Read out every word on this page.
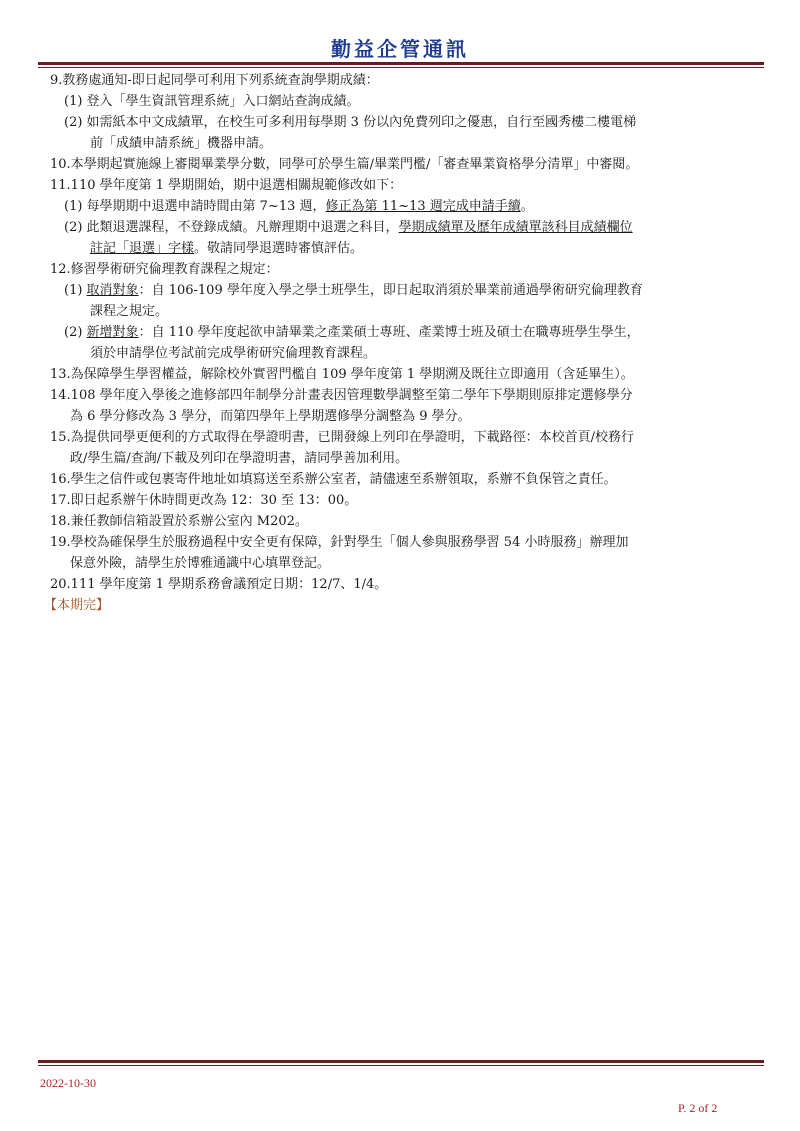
勤益企管通訊
9.教務處通知-即日起同學可利用下列系統查詢學期成績：
(1) 登入「學生資訊管理系統」入口網站查詢成績。
(2) 如需紙本中文成績單，在校生可多利用每學期 3 份以內免費列印之優惠，自行至國秀樓二樓電梯
前「成績申請系統」機器申請。
10.本學期起實施線上審閱畢業學分數，同學可於學生篇/畢業門檻/「審查畢業資格學分清單」中審閱。
11.110 學年度第 1 學期開始，期中退選相關規範修改如下：
(1) 每學期期中退選申請時間由第 7~13 週，修正為第 11~13 週完成申請手續。
(2) 此類退選課程，不登錄成績。凡辦理期中退選之科目，學期成績單及歷年成績單該科目成績欄位
註記「退選」字樣。敬請同學退選時審慎評估。
12.修習學術研究倫理教育課程之規定：
(1) 取消對象：自 106-109 學年度入學之學士班學生，即日起取消須於畢業前通過學術研究倫理教育
課程之規定。
(2) 新增對象：自 110 學年度起欲申請畢業之產業碩士專班、產業博士班及碩士在職專班學生學生，
須於申請學位考試前完成學術研究倫理教育課程。
13.為保障學生學習權益，解除校外實習門檻自 109 學年度第 1 學期溯及既往立即適用（含延畢生）。
14.108 學年度入學後之進修部四年制學分計畫表因管理數學調整至第二學年下學期則原排定選修學分
為 6 學分修改為 3 學分，而第四學年上學期選修學分調整為 9 學分。
15.為提供同學更便利的方式取得在學證明書，已開發線上列印在學證明，下載路徑：本校首頁/校務行
政/學生篇/查詢/下載及列印在學證明書，請同學善加利用。
16.學生之信件或包裹寄件地址如填寫送至系辦公室者，請儘速至系辦領取，系辦不負保管之責任。
17.即日起系辦午休時間更改為 12：30 至 13：00。
18.兼任教師信箱設置於系辦公室內 M202。
19.學校為確保學生於服務過程中安全更有保障，針對學生「個人參與服務學習 54 小時服務」辦理加
保意外險，請學生於博雅通識中心填單登記。
20.111 學年度第 1 學期系務會議預定日期：12/7、1/4。
【本期完】
2022-10-30
P. 2 of 2
